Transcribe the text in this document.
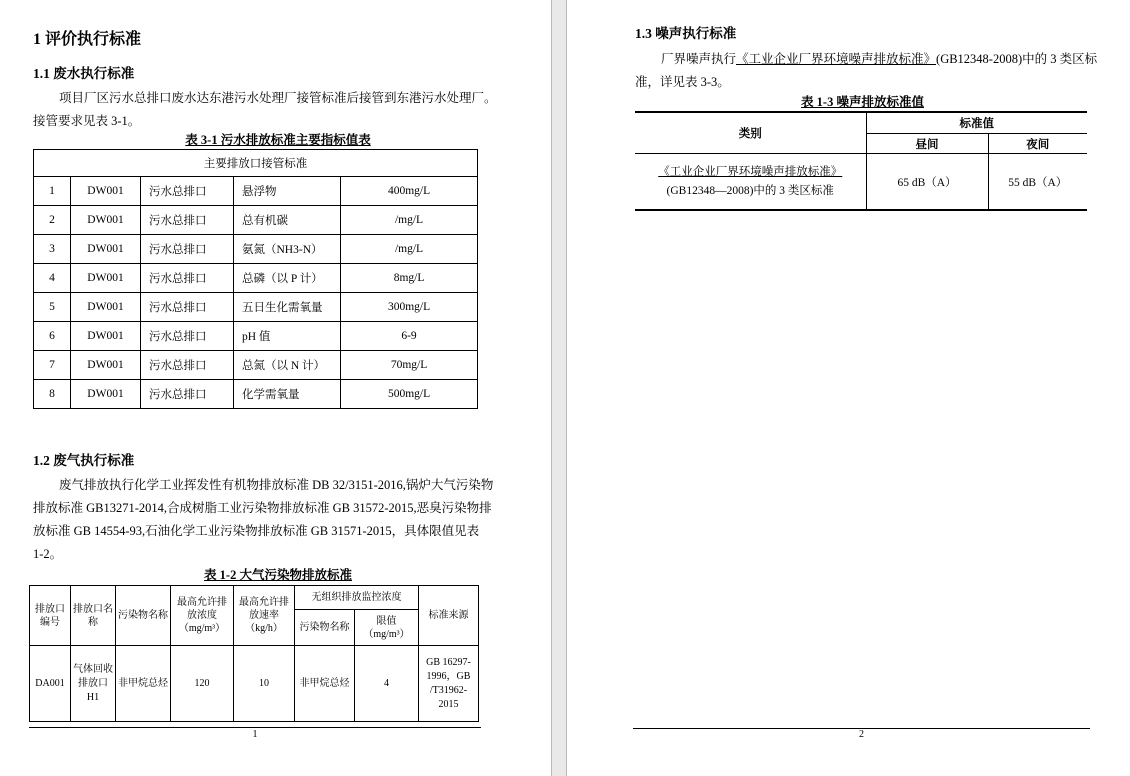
1 评价执行标准
1.1 废水执行标准
项目厂区污水总排口废水达东港污水处理厂接管标准后接管到东港污水处理厂。
接管要求见表 3-1。
表 3-1 污水排放标准主要指标值表
主要排放口接管标准				
1	DW001	污水总排口	悬浮物	400mg/L
2	DW001	污水总排口	总有机碳	/mg/L
3	DW001	污水总排口	氨氮（NH3-N）	/mg/L
4	DW001	污水总排口	总磷（以 P 计）	8mg/L
5	DW001	污水总排口	五日生化需氧量	300mg/L
6	DW001	污水总排口	pH 值	6-9
7	DW001	污水总排口	总氮（以 N 计）	70mg/L
8	DW001	污水总排口	化学需氧量	500mg/L
1.2 废气执行标准
废气排放执行化学工业挥发性有机物排放标准 DB 32/3151-2016,锅炉大气污染物
排放标准 GB13271-2014,合成树脂工业污染物排放标准 GB 31572-2015,恶臭污染物排
放标准 GB 14554-93,石油化学工业污染物排放标准 GB 31571-2015，具体限值见表
1-2。
表 1-2 大气污染物排放标准
排放口编号	排放口名称	污染物名称	最高允许排放浓度（mg/m³）	最高允许排放速率（kg/h）	无组织排放监控浓度		标准来源
					污染物名称	限值（mg/m³）	
DA001	气体回收排放口 H1	非甲烷总烃	120	10	非甲烷总烃	4	GB 16297-1996，GB /T31962-2015
1
1.3 噪声执行标准
厂界噪声执行《工业企业厂界环境噪声排放标准》(GB12348-2008)中的 3 类区标
准，详见表 3-3。
表 1-3 噪声排放标准值
类别	标准值	
	昼间	夜间

《工业企业厂界环境噪声排放标准》
(GB12348—2008)中的 3 类区标准	65 dB（A）	55 dB（A）
2
